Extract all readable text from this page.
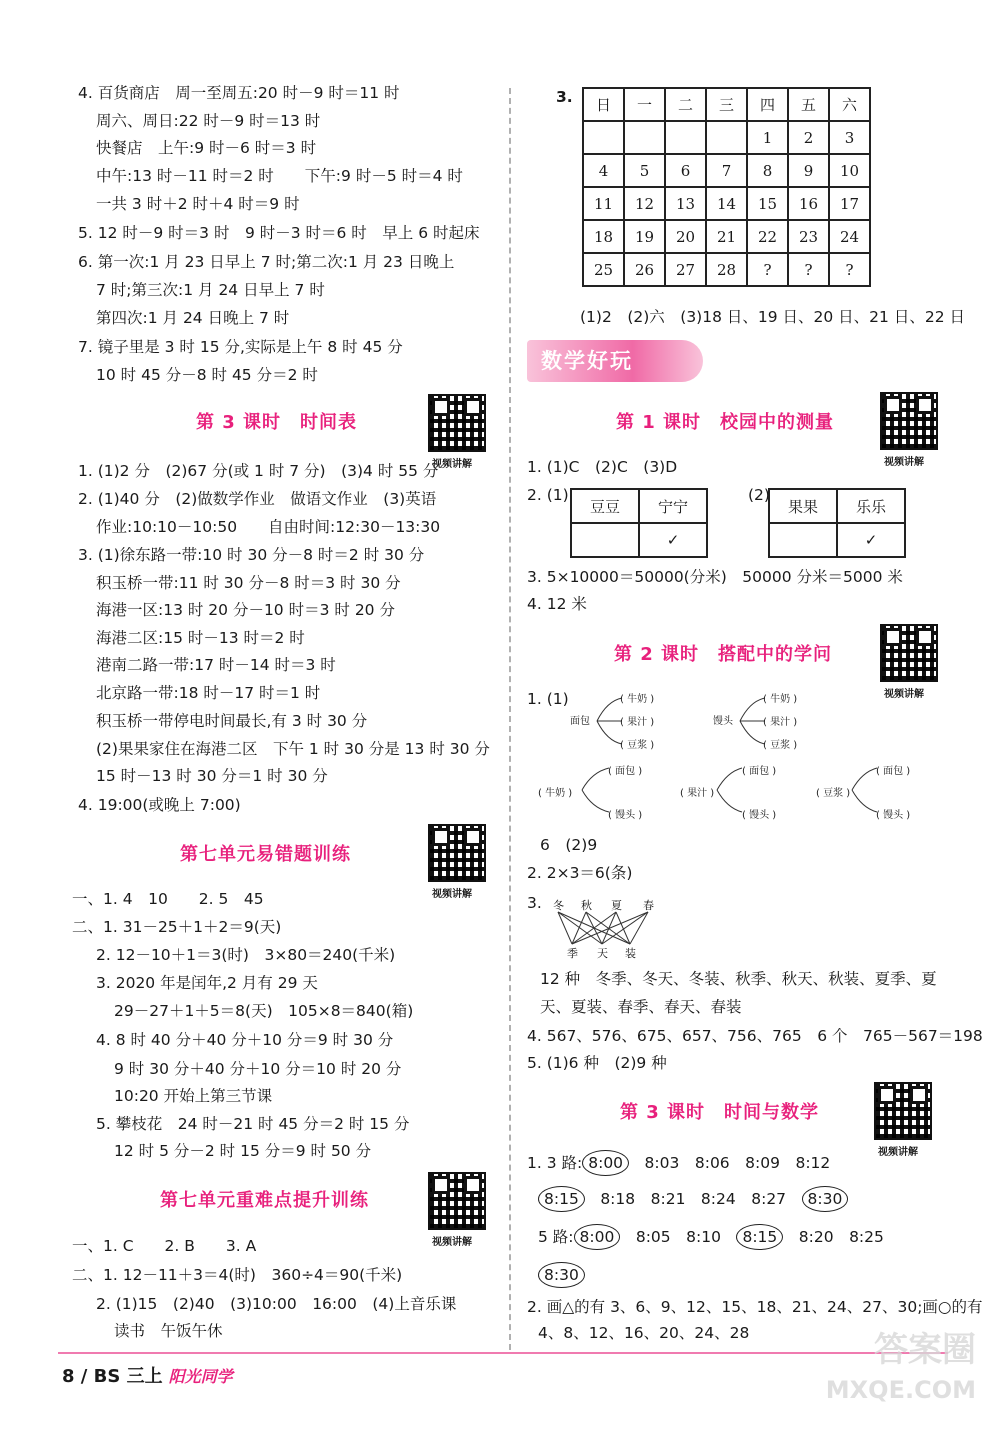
4. 百货商店　周一至周五:20 时－9 时＝11 时
周六、周日:22 时－9 时＝13 时
快餐店　上午:9 时－6 时＝3 时
中午:13 时－11 时＝2 时　　下午:9 时－5 时＝4 时
一共 3 时＋2 时＋4 时＝9 时
5. 12 时－9 时＝3 时　9 时－3 时＝6 时　早上 6 时起床
6. 第一次:1 月 23 日早上 7 时;第二次:1 月 23 日晚上
7 时;第三次:1 月 24 日早上 7 时
第四次:1 月 24 日晚上 7 时
7. 镜子里是 3 时 15 分,实际是上午 8 时 45 分
10 时 45 分－8 时 45 分＝2 时
第 3 课时　时间表
视频讲解
1. (1)2 分　(2)67 分(或 1 时 7 分)　(3)4 时 55 分
2. (1)40 分　(2)做数学作业　做语文作业　(3)英语
作业:10:10－10:50　　自由时间:12:30－13:30
3. (1)徐东路一带:10 时 30 分－8 时＝2 时 30 分
积玉桥一带:11 时 30 分－8 时＝3 时 30 分
海港一区:13 时 20 分－10 时＝3 时 20 分
海港二区:15 时－13 时＝2 时
港南二路一带:17 时－14 时＝3 时
北京路一带:18 时－17 时＝1 时
积玉桥一带停电时间最长,有 3 时 30 分
(2)果果家住在海港二区　下午 1 时 30 分是 13 时 30 分
15 时－13 时 30 分＝1 时 30 分
4. 19:00(或晚上 7:00)
第七单元易错题训练
视频讲解
一、1. 4　10　　2. 5　45
二、1. 31－25＋1＋2＝9(天)
2. 12－10＋1＝3(时)　3×80＝240(千米)
3. 2020 年是闰年,2 月有 29 天
29－27＋1＋5＝8(天)　105×8＝840(箱)
4. 8 时 40 分＋40 分＋10 分＝9 时 30 分
9 时 30 分＋40 分＋10 分＝10 时 20 分
10:20 开始上第三节课
5. 攀枝花　24 时－21 时 45 分＝2 时 15 分
12 时 5 分－2 时 15 分＝9 时 50 分
第七单元重难点提升训练
视频讲解
一、1. C　　2. B　　3. A
二、1. 12－11＋3＝4(时)　360÷4＝90(千米)
2. (1)15　(2)40　(3)10:00　16:00　(4)上音乐课
读书　午饭午休
3. 日	一	二	三	四	五	六
				1	2	3
4	5	6	7	8	9	10
11	12	13	14	15	16	17
18	19	20	21	22	23	24
25	26	27	28	?	?	?
(1)2　(2)六　(3)18 日、19 日、20 日、21 日、22 日
数学好玩
第 1 课时　校园中的测量
视频讲解
1. (1)C　(2)C　(3)D
2. (1)
豆豆	宁宁
	✓
(2)
果果	乐乐
	✓
3. 5×10000＝50000(分米)　50000 分米＝5000 米
4. 12 米
第 2 课时　搭配中的学问
视频讲解
1. (1)
面包
( 牛奶 )
( 果汁 )
( 豆浆 )
馒头
( 牛奶 )
( 果汁 )
( 豆浆 )
( 牛奶 )
( 面包 )
( 馒头 )
( 果汁 )
( 面包 )
( 馒头 )
( 豆浆 )
( 面包 )
( 馒头 )
6　(2)9
2. 2×3＝6(条)
3. 冬 秋 夏 春
季 天 装
12 种　冬季、冬天、冬装、秋季、秋天、秋装、夏季、夏
天、夏装、春季、春天、春装
4. 567、576、675、657、756、765　6 个　765－567＝198
5. (1)6 种　(2)9 种
第 3 课时　时间与数学
视频讲解
1. 3 路: 8:00　8:03　8:06　8:09　8:12
8:15　8:18　8:21　8:24　8:27　8:30
5 路: 8:00　8:05　8:10　8:15　8:20　8:25
8:30
2. 画△的有 3、6、9、12、15、18、21、24、27、30;画○的有
4、8、12、16、20、24、28
8 / BS 三上 阳光同学
答案圈
MXQE.COM
